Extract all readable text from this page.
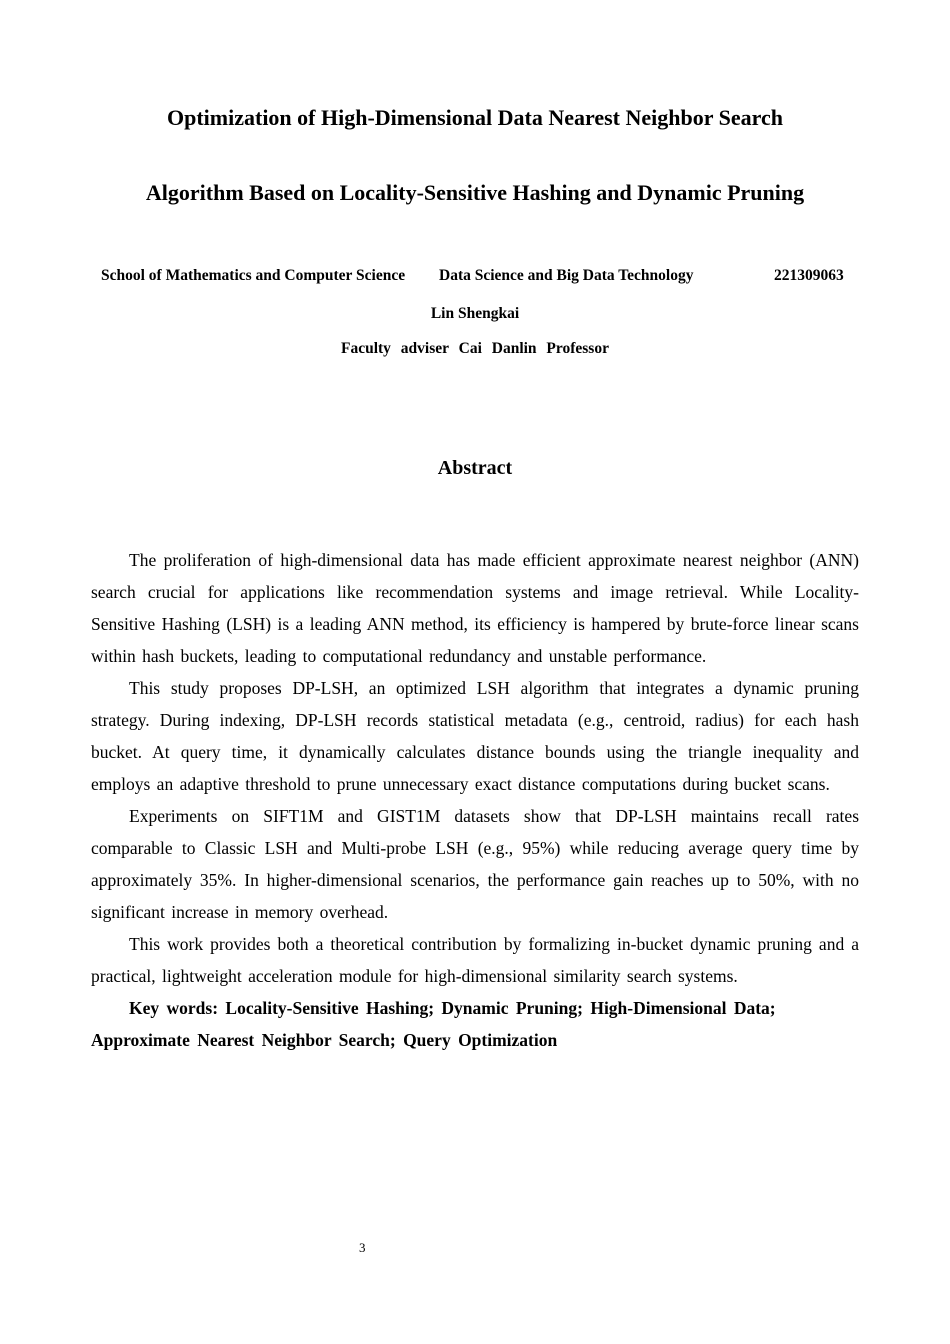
Optimization of High-Dimensional Data Nearest Neighbor Search
Algorithm Based on Locality-Sensitive Hashing and Dynamic Pruning
School of Mathematics and Computer Science Data Science and Big Data Technology	221309063
Lin Shengkai
Faculty adviser Cai Danlin Professor
Abstract

The proliferation of high-dimensional data has made efficient approximate nearest neighbor (ANN) search crucial for applications like recommendation systems and image retrieval. While Locality-Sensitive Hashing (LSH) is a leading ANN method, its efficiency is hampered by brute-force linear scans within hash buckets, leading to computational redundancy and unstable performance.

This study proposes DP-LSH, an optimized LSH algorithm that integrates a dynamic pruning strategy. During indexing, DP-LSH records statistical metadata (e.g., centroid, radius) for each hash bucket. At query time, it dynamically calculates distance bounds using the triangle inequality and employs an adaptive threshold to prune unnecessary exact distance computations during bucket scans.

Experiments on SIFT1M and GIST1M datasets show that DP-LSH maintains recall rates comparable to Classic LSH and Multi-probe LSH (e.g., 95%) while reducing average query time by approximately 35%. In higher-dimensional scenarios, the performance gain reaches up to 50%, with no significant increase in memory overhead.

This work provides both a theoretical contribution by formalizing in-bucket dynamic pruning and a practical, lightweight acceleration module for high-dimensional similarity search systems.

Key words: Locality-Sensitive Hashing; Dynamic Pruning; High-Dimensional Data; Approximate Nearest Neighbor Search; Query Optimization

3
